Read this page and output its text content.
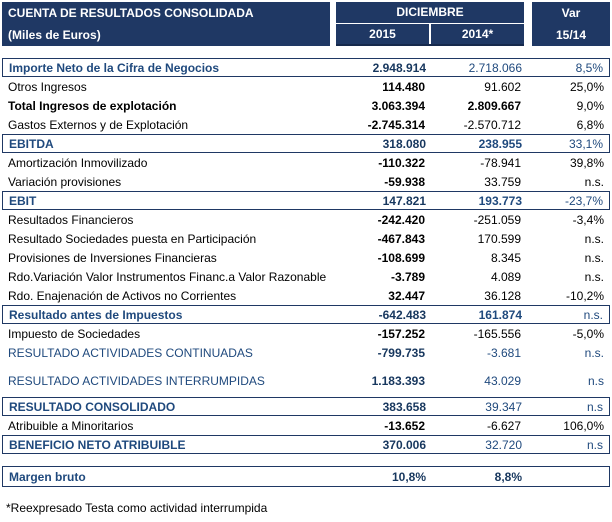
CUENTA DE RESULTADOS CONSOLIDADA
(Miles de Euros)
DICIEMBRE
2015	2014*
Var
15/14
Importe Neto de la Cifra de Negocios	2.948.914	2.718.066	8,5%
Otros Ingresos	114.480	91.602	25,0%
Total Ingresos de explotación	3.063.394	2.809.667	9,0%
Gastos Externos y de Explotación	-2.745.314	-2.570.712	6,8%
EBITDA	318.080	238.955	33,1%
Amortización Inmovilizado	-110.322	-78.941	39,8%
Variación provisiones	-59.938	33.759	n.s.
EBIT	147.821	193.773	-23,7%
Resultados Financieros	-242.420	-251.059	-3,4%
Resultado Sociedades puesta en Participación	-467.843	170.599	n.s.
Provisiones de Inversiones Financieras	-108.699	8.345	n.s.
Rdo.Variación Valor Instrumentos Financ.a Valor Razonable	-3.789	4.089	n.s.
Rdo. Enajenación de Activos no Corrientes	32.447	36.128	-10,2%
Resultado antes de Impuestos	-642.483	161.874	n.s.
Impuesto de Sociedades	-157.252	-165.556	-5,0%
RESULTADO ACTIVIDADES CONTINUADAS	-799.735	-3.681	n.s.
RESULTADO ACTIVIDADES INTERRUMPIDAS	1.183.393	43.029	n.s
RESULTADO CONSOLIDADO	383.658	39.347	n.s
Atribuible a Minoritarios	-13.652	-6.627	106,0%
BENEFICIO NETO ATRIBUIBLE	370.006	32.720	n.s
Margen bruto	10,8%	8,8%
*Reexpresado Testa como actividad interrumpida
